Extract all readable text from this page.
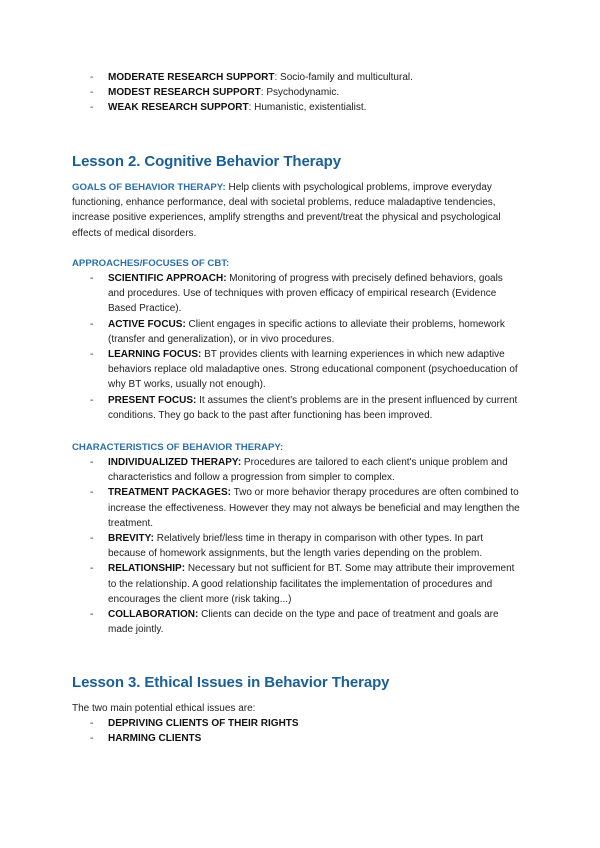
- MODERATE RESEARCH SUPPORT: Socio-family and multicultural.
- MODEST RESEARCH SUPPORT: Psychodynamic.
- WEAK RESEARCH SUPPORT: Humanistic, existentialist.
Lesson 2. Cognitive Behavior Therapy
GOALS OF BEHAVIOR THERAPY: Help clients with psychological problems, improve everyday functioning, enhance performance, deal with societal problems, reduce maladaptive tendencies, increase positive experiences, amplify strengths and prevent/treat the physical and psychological effects of medical disorders.
APPROACHES/FOCUSES OF CBT:
- SCIENTIFIC APPROACH: Monitoring of progress with precisely defined behaviors, goals and procedures. Use of techniques with proven efficacy of empirical research (Evidence Based Practice).
- ACTIVE FOCUS: Client engages in specific actions to alleviate their problems, homework (transfer and generalization), or in vivo procedures.
- LEARNING FOCUS: BT provides clients with learning experiences in which new adaptive behaviors replace old maladaptive ones. Strong educational component (psychoeducation of why BT works, usually not enough).
- PRESENT FOCUS: It assumes the client's problems are in the present influenced by current conditions. They go back to the past after functioning has been improved.
CHARACTERISTICS OF BEHAVIOR THERAPY:
- INDIVIDUALIZED THERAPY: Procedures are tailored to each client's unique problem and characteristics and follow a progression from simpler to complex.
- TREATMENT PACKAGES: Two or more behavior therapy procedures are often combined to increase the effectiveness. However they may not always be beneficial and may lengthen the treatment.
- BREVITY: Relatively brief/less time in therapy in comparison with other types. In part because of homework assignments, but the length varies depending on the problem.
- RELATIONSHIP: Necessary but not sufficient for BT. Some may attribute their improvement to the relationship. A good relationship facilitates the implementation of procedures and encourages the client more (risk taking...)
- COLLABORATION: Clients can decide on the type and pace of treatment and goals are made jointly.
Lesson 3. Ethical Issues in Behavior Therapy
The two main potential ethical issues are:
- DEPRIVING CLIENTS OF THEIR RIGHTS
- HARMING CLIENTS
